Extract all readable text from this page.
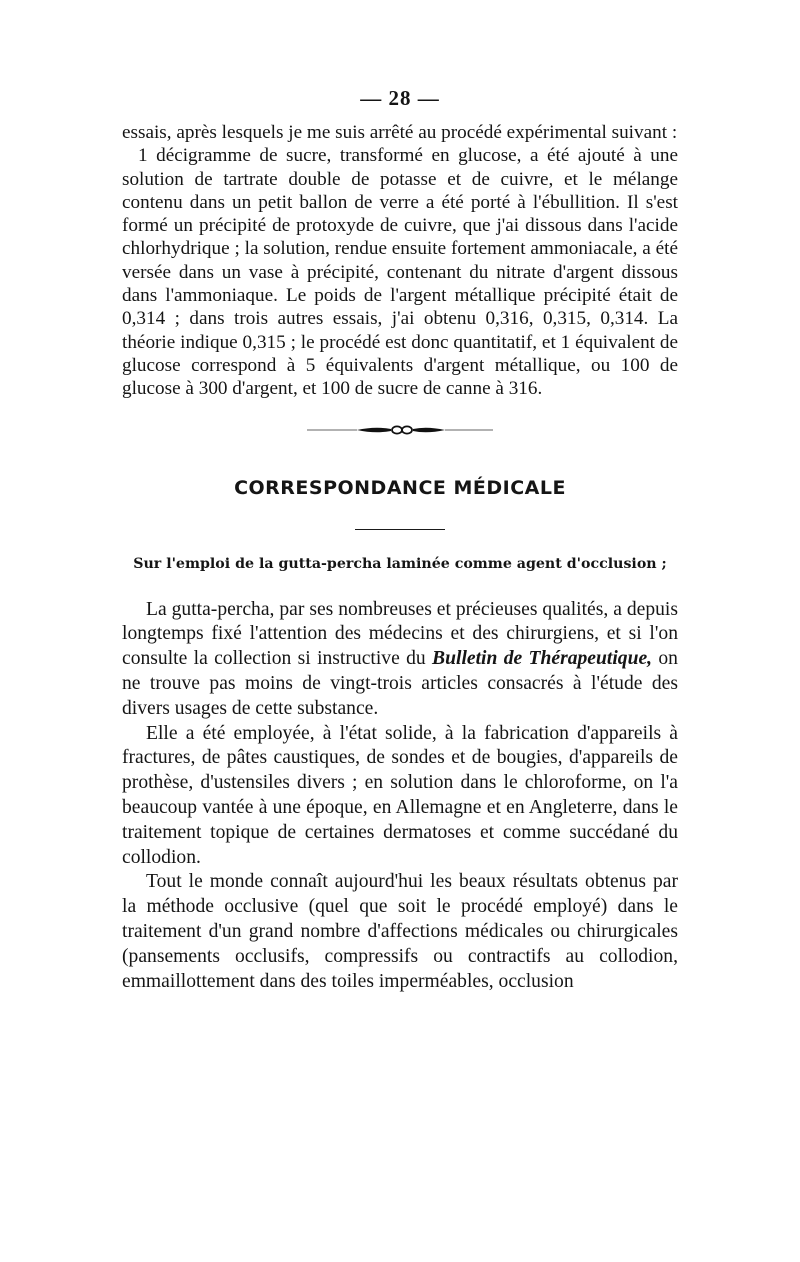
— 28 —

essais, après lesquels je me suis arrêté au procédé expérimental suivant :

1 décigramme de sucre, transformé en glucose, a été ajouté à une solution de tartrate double de potasse et de cuivre, et le mélange contenu dans un petit ballon de verre a été porté à l'ébullition. Il s'est formé un précipité de protoxyde de cuivre, que j'ai dissous dans l'acide chlorhydrique ; la solution, rendue ensuite fortement ammoniacale, a été versée dans un vase à précipité, contenant du nitrate d'argent dissous dans l'ammoniaque. Le poids de l'argent métallique précipité était de 0,314 ; dans trois autres essais, j'ai obtenu 0,316, 0,315, 0,314. La théorie indique 0,315 ; le procédé est donc quantitatif, et 1 équivalent de glucose correspond à 5 équivalents d'argent métallique, ou 100 de glucose à 300 d'argent, et 100 de sucre de canne à 316.

CORRESPONDANCE MÉDICALE
Sur l'emploi de la gutta-percha laminée comme agent d'occlusion ;

La gutta-percha, par ses nombreuses et précieuses qualités, a depuis longtemps fixé l'attention des médecins et des chirurgiens, et si l'on consulte la collection si instructive du Bulletin de Thérapeutique, on ne trouve pas moins de vingt-trois articles consacrés à l'étude des divers usages de cette substance.

Elle a été employée, à l'état solide, à la fabrication d'appareils à fractures, de pâtes caustiques, de sondes et de bougies, d'appareils de prothèse, d'ustensiles divers ; en solution dans le chloroforme, on l'a beaucoup vantée à une époque, en Allemagne et en Angleterre, dans le traitement topique de certaines dermatoses et comme succédané du collodion.

Tout le monde connaît aujourd'hui les beaux résultats obtenus par la méthode occlusive (quel que soit le procédé employé) dans le traitement d'un grand nombre d'affections médicales ou chirurgicales (pansements occlusifs, compressifs ou contractifs au collodion, emmaillottement dans des toiles imperméables, occlusion
